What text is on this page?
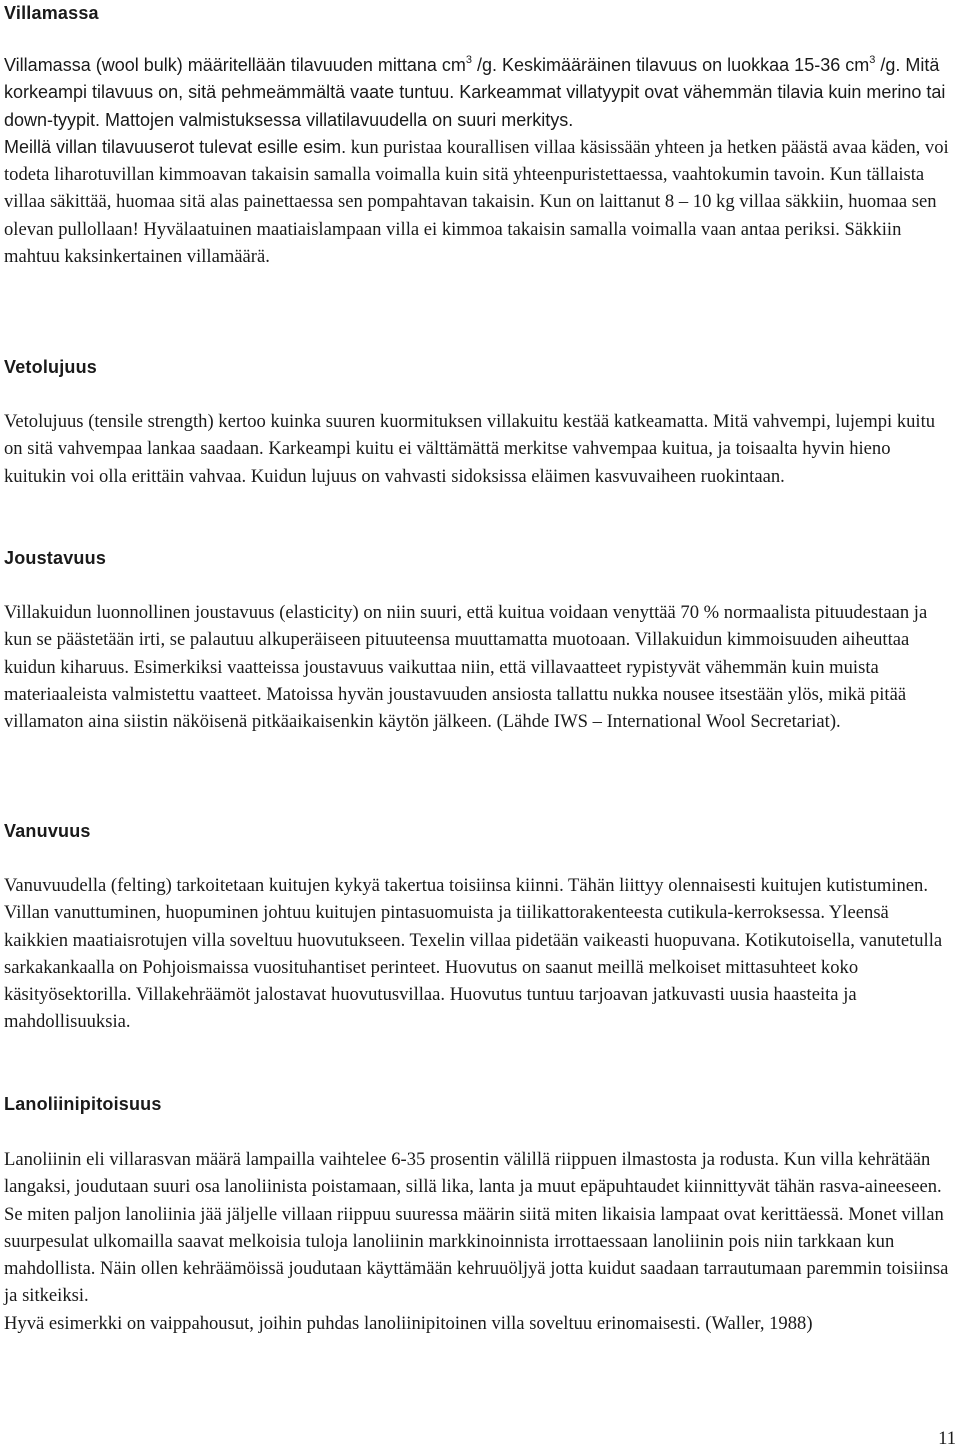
Villamassa

Villamassa (wool bulk) määritellään tilavuuden mittana $cm^3$ /g. Keskimääräinen tilavuus on luokkaa 15-36 $cm^3$ /g. Mitä korkeampi tilavuus on, sitä pehmeämmältä vaate tuntuu. Karkeammat villatyypit ovat vähemmän tilavia kuin merino tai down-tyypit. Mattojen valmistuksessa villatilavuudella on suuri merkitys.

Meillä villan tilavuuserot tulevat esille esim. kun puristaa kourallisen villaa käsissään yhteen ja hetken päästä avaa käden, voi todeta liharotuvillan kimmoavan takaisin samalla voimalla kuin sitä yhteenpuristettaessa, vaahtokumin tavoin. Kun tällaista villaa säkittää, huomaa sitä alas painettaessa sen pompahtavan takaisin. Kun on laittanut 8 – 10 kg villaa säkkiin, huomaa sen olevan pullollaan! Hyvälaatuinen maatiaislampaan villa ei kimmoa takaisin samalla voimalla vaan antaa periksi. Säkkiin mahtuu kaksinkertainen villamäärä.

Vetolujuus

Vetolujuus (tensile strength) kertoo kuinka suuren kuormituksen villakuitu kestää katkeamatta. Mitä vahvempi, lujempi kuitu on sitä vahvempaa lankaa saadaan. Karkeampi kuitu ei välttämättä merkitse vahvempaa kuitua, ja toisaalta hyvin hieno kuitukin voi olla erittäin vahvaa. Kuidun lujuus on vahvasti sidoksissa eläimen kasvuvaiheen ruokintaan.

Joustavuus

Villakuidun luonnollinen joustavuus (elasticity) on niin suuri, että kuitua voidaan venyttää 70 % normaalista pituudestaan ja kun se päästetään irti, se palautuu alkuperäiseen pituuteensa muuttamatta muotoaan. Villakuidun kimmoisuuden aiheuttaa kuidun kiharuus. Esimerkiksi vaatteissa joustavuus vaikuttaa niin, että villavaatteet rypistyvät vähemmän kuin muista materiaaleista valmistettu vaatteet. Matoissa hyvän joustavuuden ansiosta tallattu nukka nousee itsestään ylös, mikä pitää villamaton aina siistin näköisenä pitkäaikaisenkin käytön jälkeen. (Lähde IWS – International Wool Secretariat).

Vanuvuus

Vanuvuudella (felting) tarkoitetaan kuitujen kykyä takertua toisiinsa kiinni. Tähän liittyy olennaisesti kuitujen kutistuminen. Villan vanuttuminen, huopuminen johtuu kuitujen pintasuomuista ja tiilikattorakenteesta cutikula-kerroksessa. Yleensä kaikkien maatiaisrotujen villa soveltuu huovutukseen. Texelin villaa pidetään vaikeasti huopuvana. Kotikutoisella, vanutetulla sarkakankaalla on Pohjoismaissa vuosituhantiset perinteet. Huovutus on saanut meillä melkoiset mittasuhteet koko käsityösektorilla. Villakehräämöt jalostavat huovutusvillaa. Huovutus tuntuu tarjoavan jatkuvasti uusia haasteita ja mahdollisuuksia.

Lanoliinipitoisuus

Lanoliinin eli villarasvan määrä lampailla vaihtelee 6-35 prosentin välillä riippuen ilmastosta ja rodusta. Kun villa kehrätään langaksi, joudutaan suuri osa lanoliinista poistamaan, sillä lika, lanta ja muut epäpuhtaudet kiinnittyvät tähän rasva-aineeseen. Se miten paljon lanoliinia jää jäljelle villaan riippuu suuressa määrin siitä miten likaisia lampaat ovat kerittäessä. Monet villan suurpesulat ulkomailla saavat melkoisia tuloja lanoliinin markkinoinnista irrottaessaan lanoliinin pois niin tarkkaan kun mahdollista. Näin ollen kehräämöissä joudutaan käyttämään kehruuöljyä jotta kuidut saadaan tarrautumaan paremmin toisiinsa ja sitkeiksi.

Hyvä esimerkki on vaippahousut, joihin puhdas lanoliinipitoinen villa soveltuu erinomaisesti. (Waller, 1988)

11
